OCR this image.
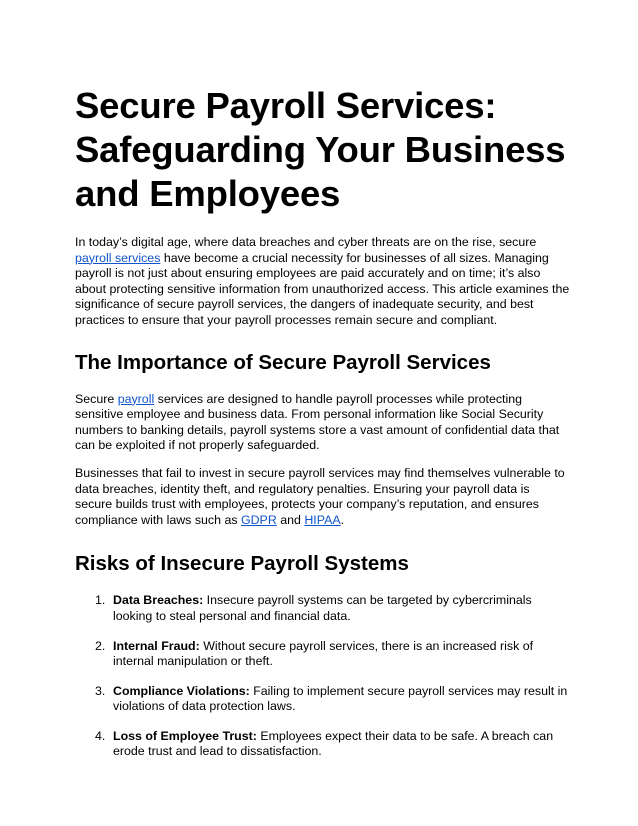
Secure Payroll Services: Safeguarding Your Business and Employees

In today’s digital age, where data breaches and cyber threats are on the rise, secure payroll services have become a crucial necessity for businesses of all sizes. Managing payroll is not just about ensuring employees are paid accurately and on time; it’s also about protecting sensitive information from unauthorized access. This article examines the significance of secure payroll services, the dangers of inadequate security, and best practices to ensure that your payroll processes remain secure and compliant.

The Importance of Secure Payroll Services

Secure payroll services are designed to handle payroll processes while protecting sensitive employee and business data. From personal information like Social Security numbers to banking details, payroll systems store a vast amount of confidential data that can be exploited if not properly safeguarded.

Businesses that fail to invest in secure payroll services may find themselves vulnerable to data breaches, identity theft, and regulatory penalties. Ensuring your payroll data is secure builds trust with employees, protects your company’s reputation, and ensures compliance with laws such as GDPR and HIPAA.

Risks of Insecure Payroll Systems
1. Data Breaches: Insecure payroll systems can be targeted by cybercriminals looking to steal personal and financial data.
2. Internal Fraud: Without secure payroll services, there is an increased risk of internal manipulation or theft.
3. Compliance Violations: Failing to implement secure payroll services may result in violations of data protection laws.
4. Loss of Employee Trust: Employees expect their data to be safe. A breach can erode trust and lead to dissatisfaction.
